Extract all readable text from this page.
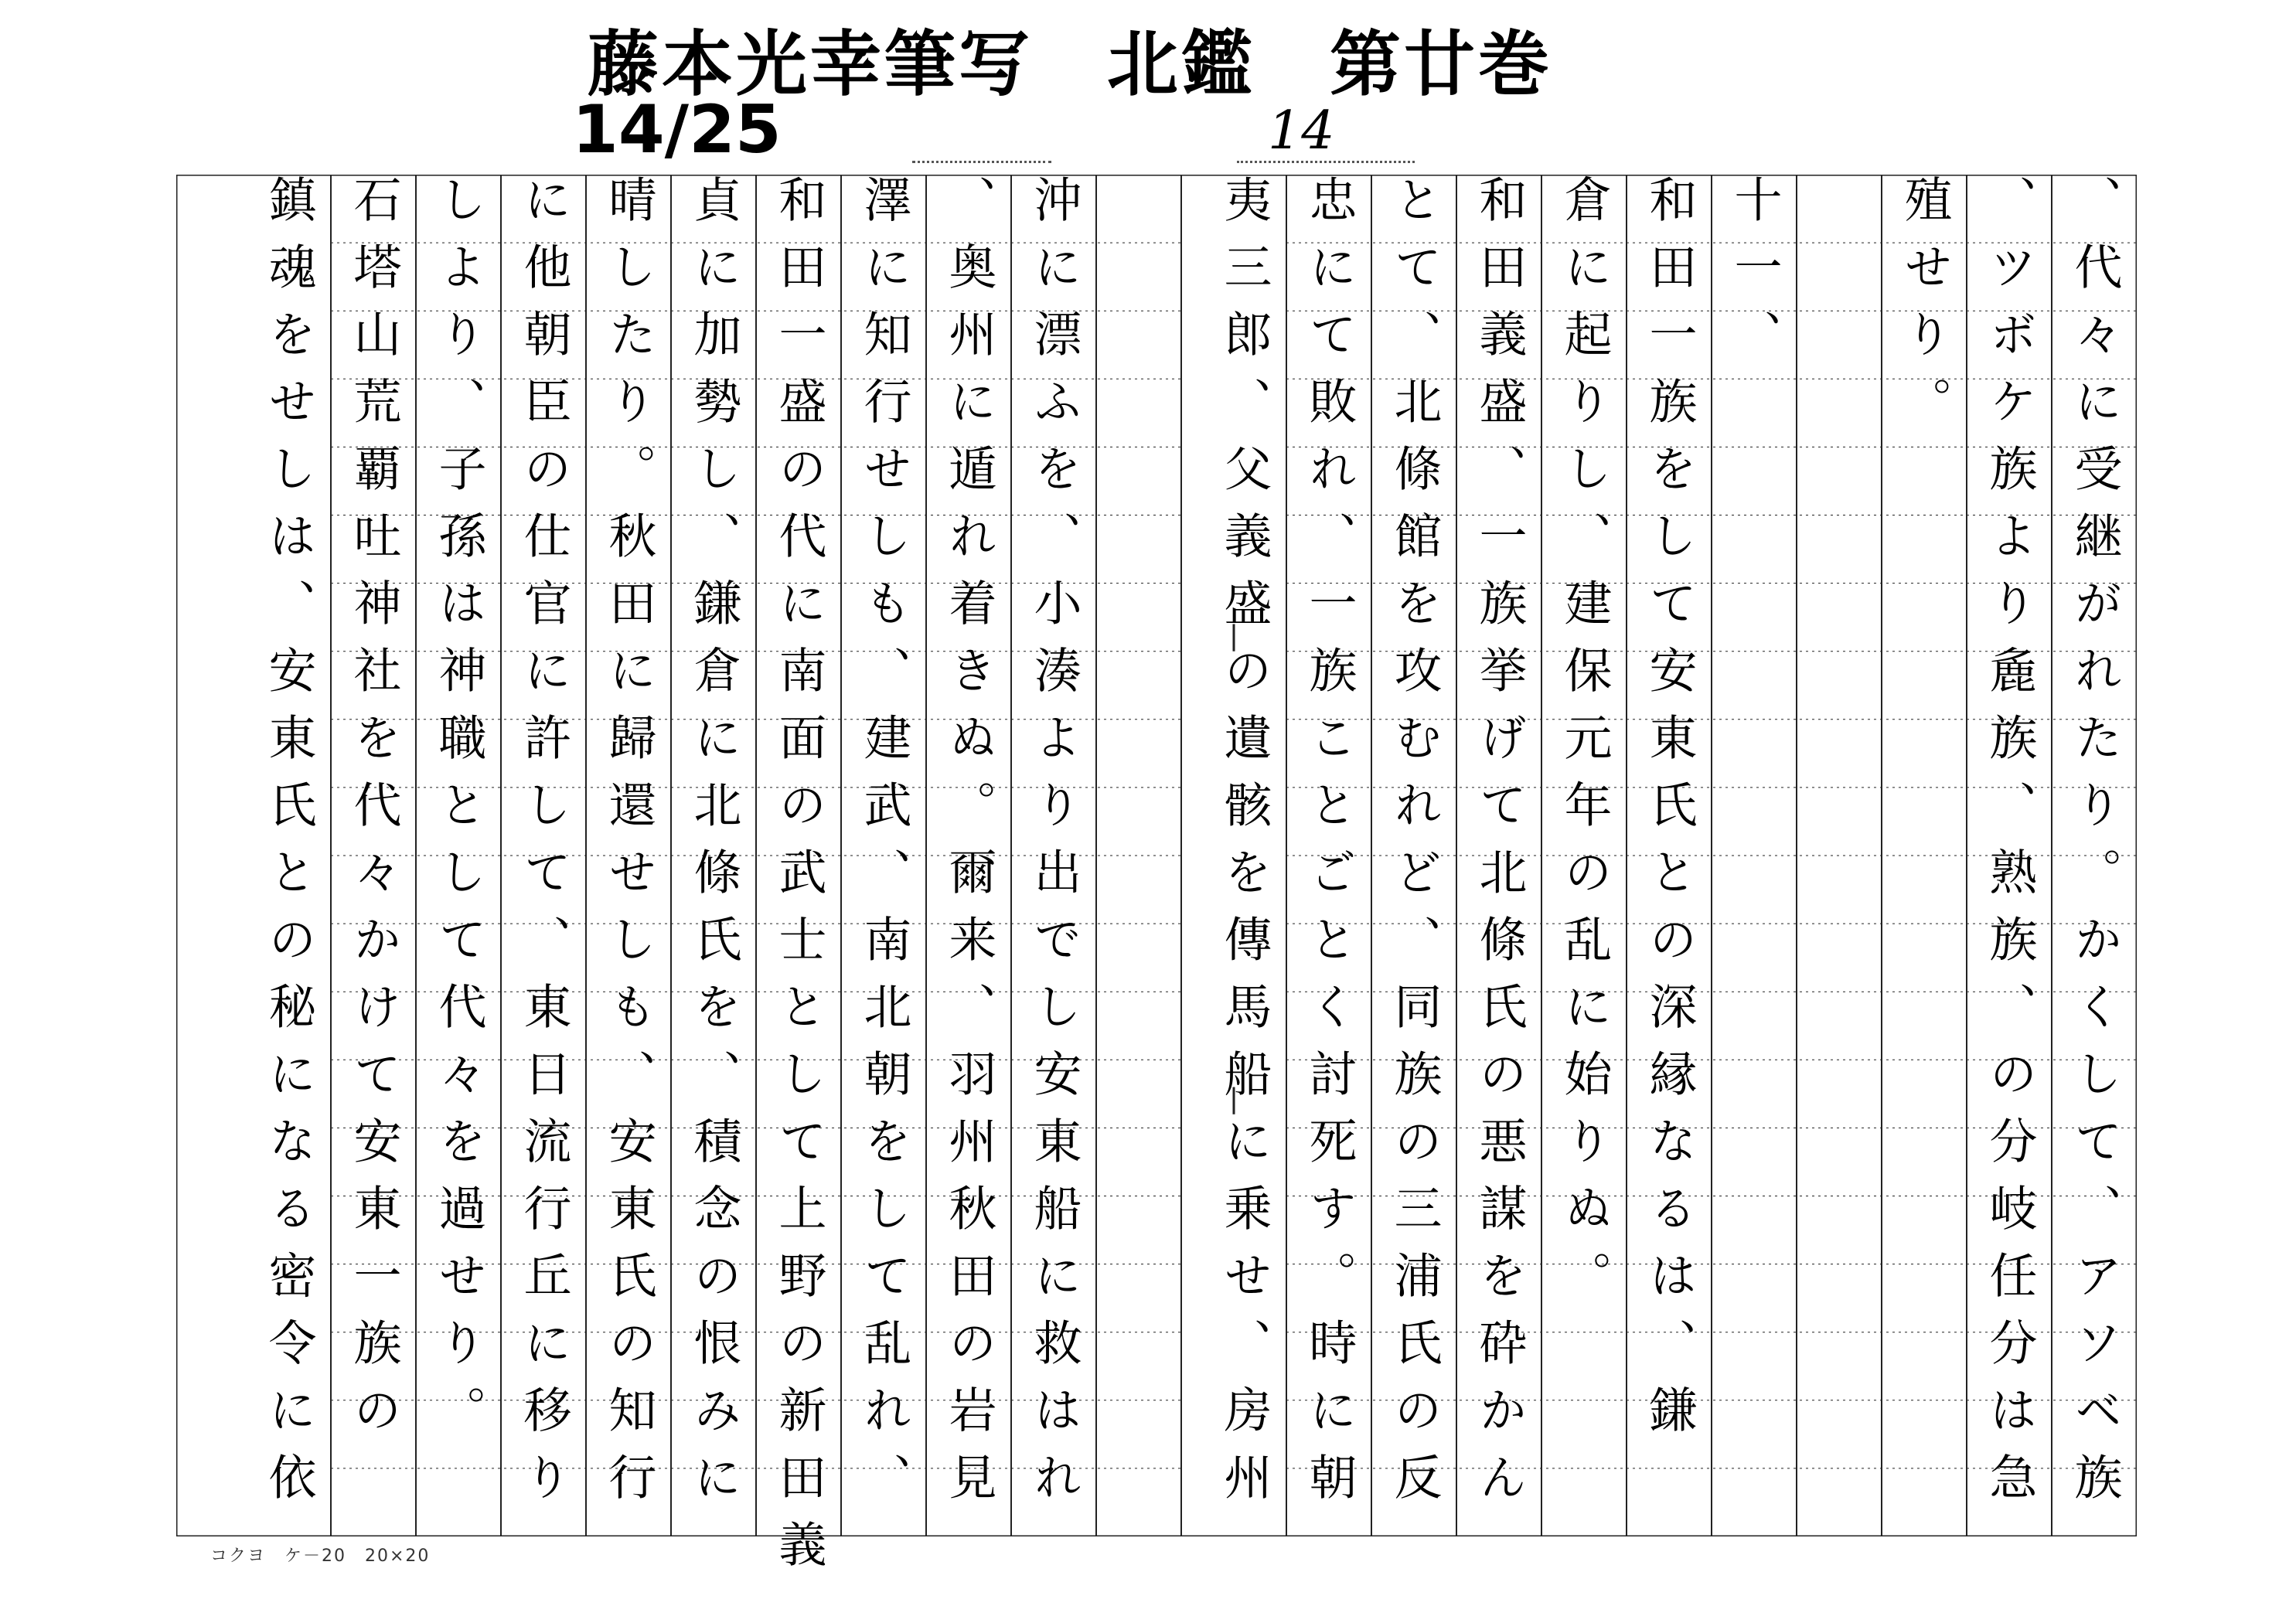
藤本光幸筆写　北鑑　第廿巻
14/25	14
、代々に受継がれたり。かくして、アソベ族
、ツボケ族より麁族、熟族、の分岐任分は急
殖せり。
十一、
和田一族をして安東氏との深縁なるは、鎌
倉に起りし、建保元年の乱に始りぬ。
和田義盛、一族挙げて北條氏の悪謀を砕かん
とて、北條館を攻むれど、同族の三浦氏の反
忠にて敗れ、一族ことごとく討死す。時に朝
夷三郎、父義盛の遺骸を傳馬船に乗せ、房州
沖に漂ふを、小湊より出でし安東船に救はれ
、奥州に遁れ着きぬ。爾来、羽州秋田の岩見
澤に知行せしも、建武、南北朝をして乱れ、
和田一盛の代に南面の武士として上野の新田義
貞に加勢し、鎌倉に北條氏を、積念の恨みに
晴したり。秋田に歸還せしも、安東氏の知行
に他朝臣の仕官に許して、東日流行丘に移り
しより、子孫は神職として代々を過せり。
石塔山荒覇吐神社を代々かけて安東一族の
鎮魂をせしは、安東氏との秘になる密令に依
コクヨ　ケ－20　20×20
